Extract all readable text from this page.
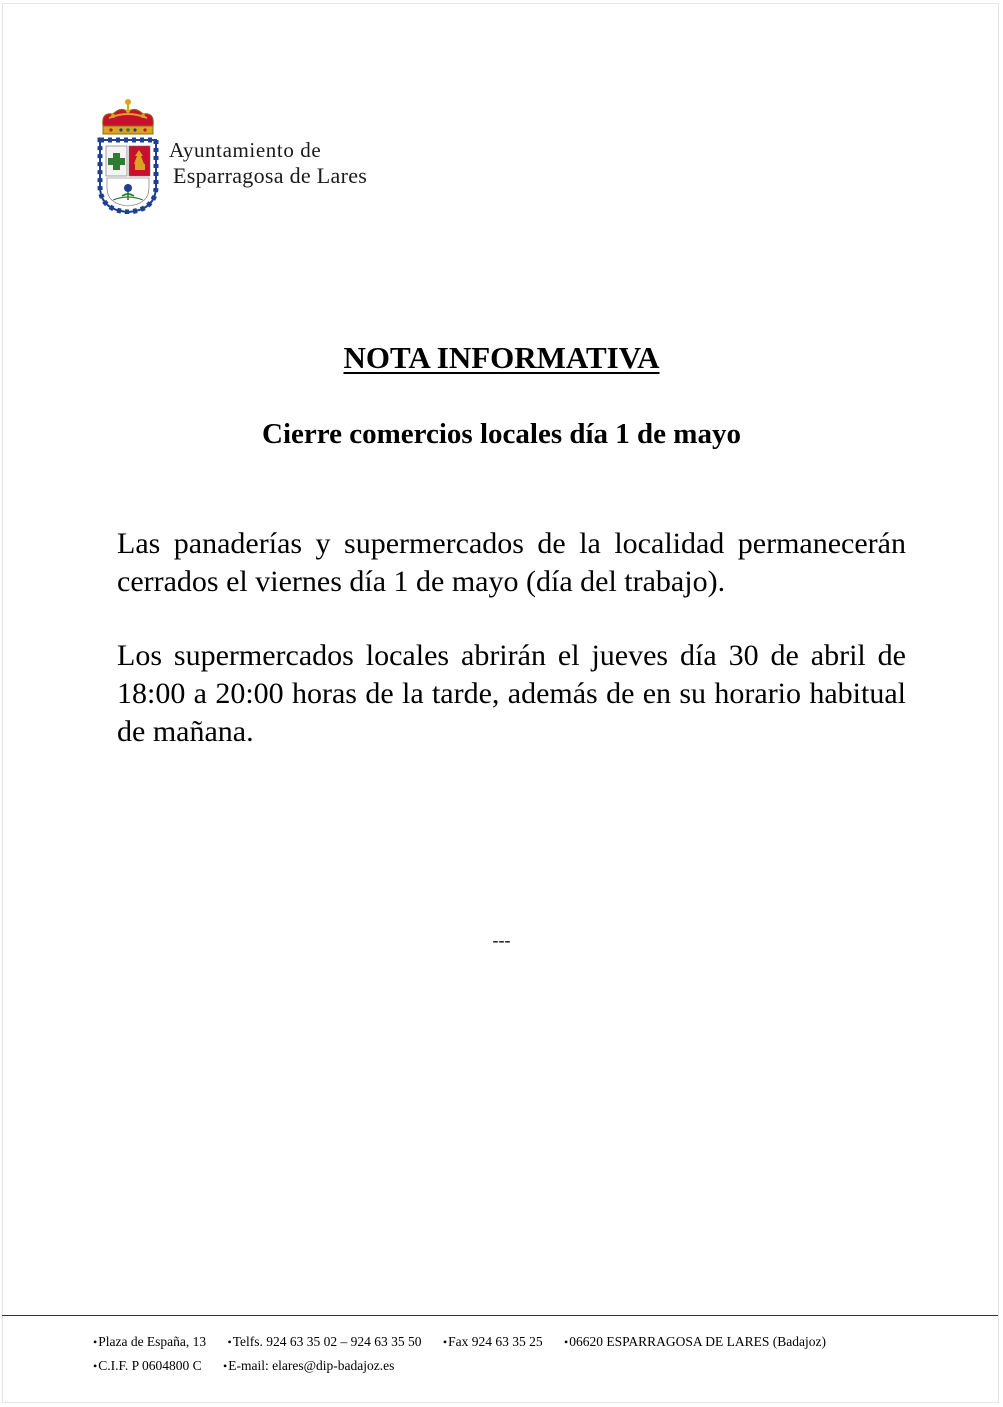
Ayuntamiento de
Esparragosa de Lares
NOTA INFORMATIVA
Cierre comercios locales día 1 de mayo

Las panaderías y supermercados de la localidad permanecerán cerrados el viernes día 1 de mayo (día del trabajo).

Los supermercados locales abrirán el jueves día 30 de abril de 18:00 a 20:00 horas de la tarde, además de en su horario habitual de mañana.

---
• Plaza de España, 13 • Telfs. 924 63 35 02 – 924 63 35 50 • Fax 924 63 35 25 • 06620 ESPARRAGOSA DE LARES (Badajoz)
• C.I.F. P 0604800 C • E-mail: elares@dip-badajoz.es
